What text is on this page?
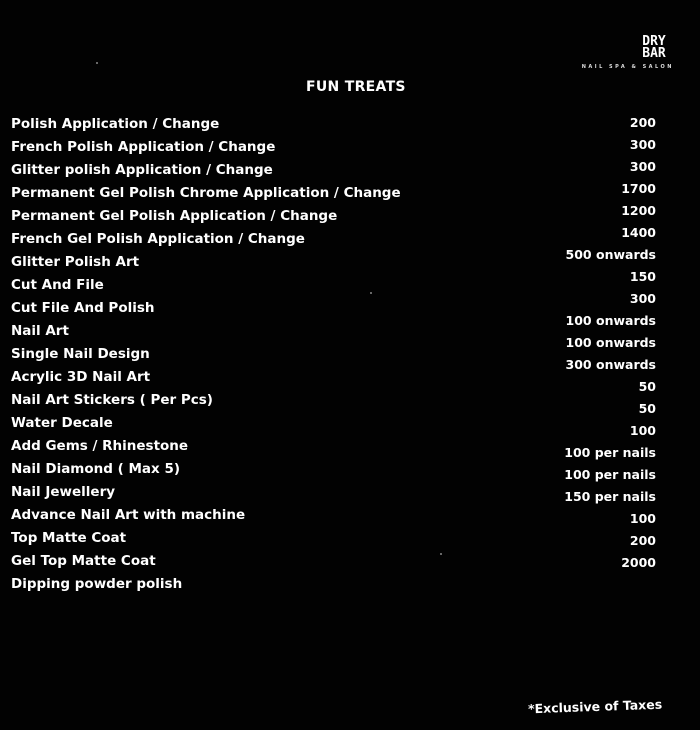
DRY
BAR
NAIL SPA & SALON
FUN TREATS
Polish Application / Change
French Polish Application / Change
Glitter polish Application / Change
Permanent Gel Polish Chrome Application / Change
Permanent Gel Polish Application / Change
French Gel Polish Application / Change
Glitter Polish Art
Cut And File
Cut File And Polish
Nail Art
Single Nail Design
Acrylic 3D Nail Art
Nail Art Stickers ( Per Pcs)
Water Decale
Add Gems / Rhinestone
Nail Diamond ( Max 5)
Nail Jewellery
Advance Nail Art with machine
Top Matte Coat
Gel Top Matte Coat
Dipping powder polish
200
300
300
1700
1200
1400
500 onwards
150
300
100 onwards
100 onwards
300 onwards
50
50
100
100 per nails
100 per nails
150 per nails
100
200
2000
*Exclusive of Taxes
